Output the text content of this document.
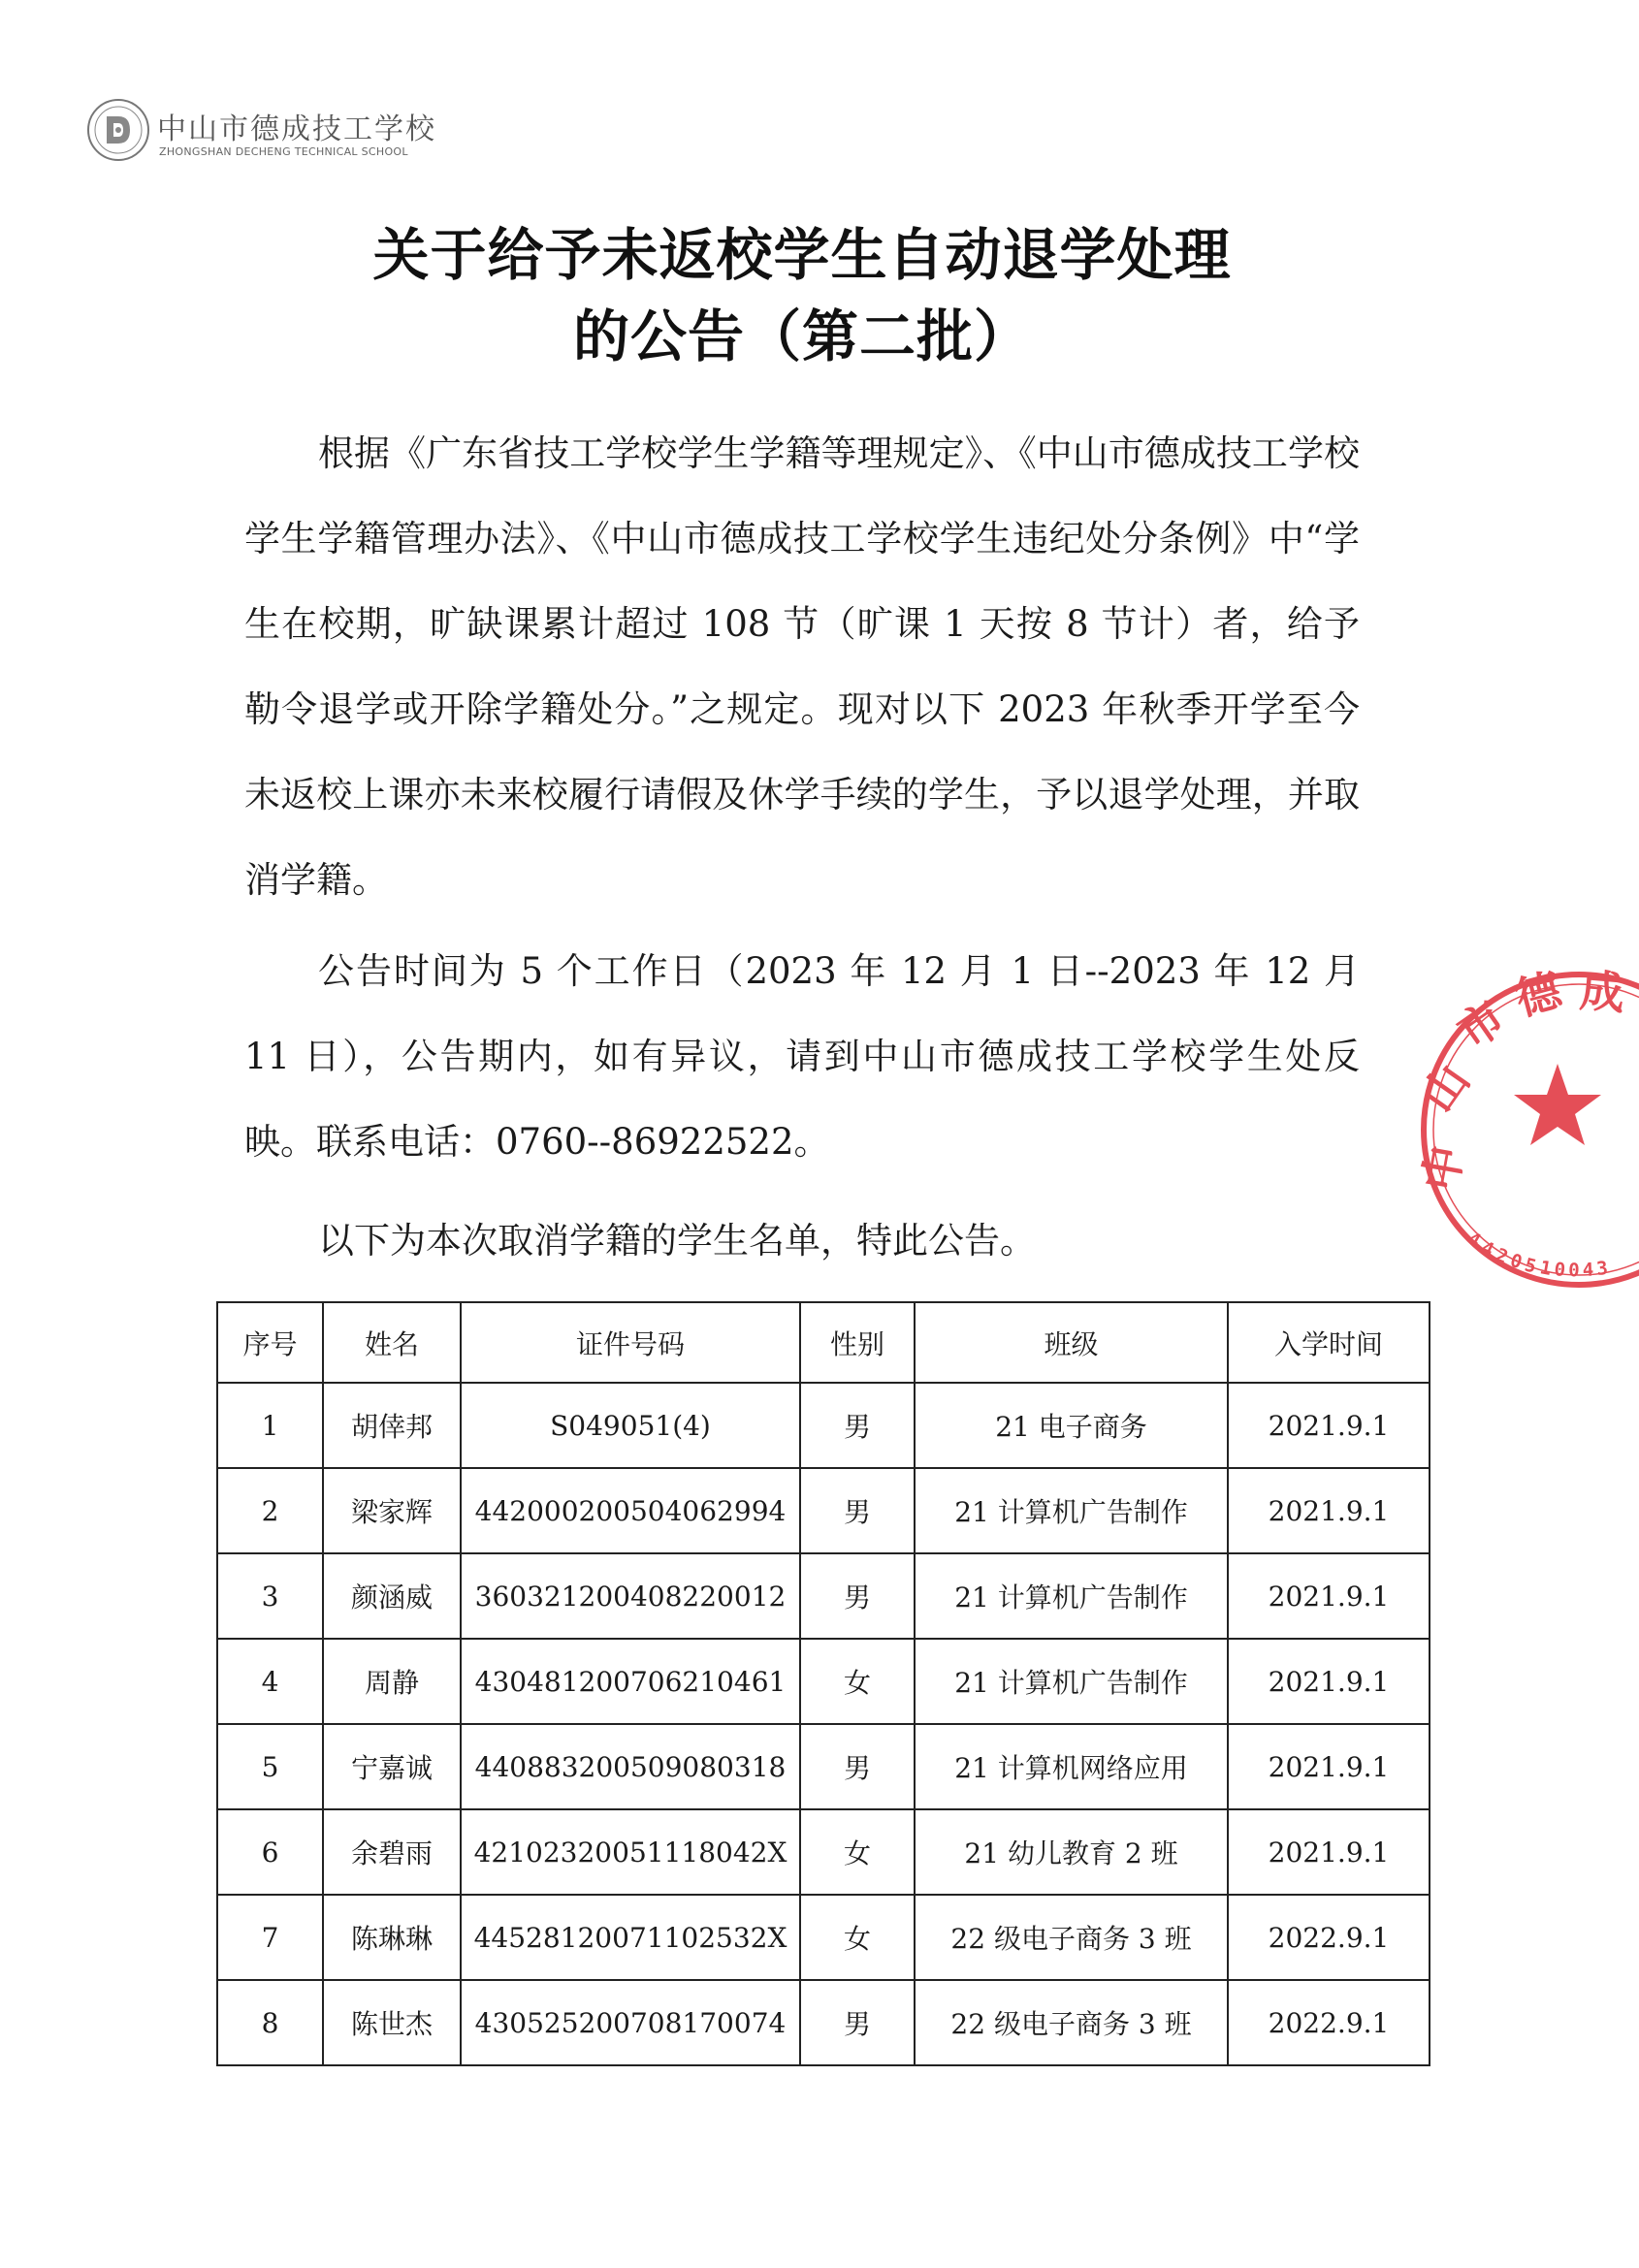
中山市德成技工学校
ZHONGSHAN DECHENG TECHNICAL SCHOOL
关于给予未返校学生自动退学处理
的公告（第二批）

根据《广东省技工学校学生学籍等理规定》、《中山市德成技工学校学生学籍管理办法》、《中山市德成技工学校学生违纪处分条例》中“学生在校期，旷缺课累计超过 108 节（旷课 1 天按 8 节计）者，给予勒令退学或开除学籍处分。”之规定。现对以下 2023 年秋季开学至今未返校上课亦未来校履行请假及休学手续的学生，予以退学处理，并取消学籍。

公告时间为 5 个工作日（2023 年 12 月 1 日--2023 年 12 月 11 日），公告期内，如有异议，请到中山市德成技工学校学生处反映。联系电话：0760--86922522。

以下为本次取消学籍的学生名单，特此公告。

序号	姓名	证件号码	性别	班级	入学时间
1	胡倖邦	S049051(4)	男	21 电子商务	2021.9.1
2	梁家辉	442000200504062994	男	21 计算机广告制作	2021.9.1
3	颜涵威	360321200408220012	男	21 计算机广告制作	2021.9.1
4	周静	430481200706210461	女	21 计算机广告制作	2021.9.1
5	宁嘉诚	440883200509080318	男	21 计算机网络应用	2021.9.1
6	余碧雨	42102320051118042X	女	21 幼儿教育 2 班	2021.9.1
7	陈琳琳	44528120071102532X	女	22 级电子商务 3 班	2022.9.1
8	陈世杰	430525200708170074	男	22 级电子商务 3 班	2022.9.1
中
山
市
德 成
4
4
2
0
5 1 0 0 4 3
